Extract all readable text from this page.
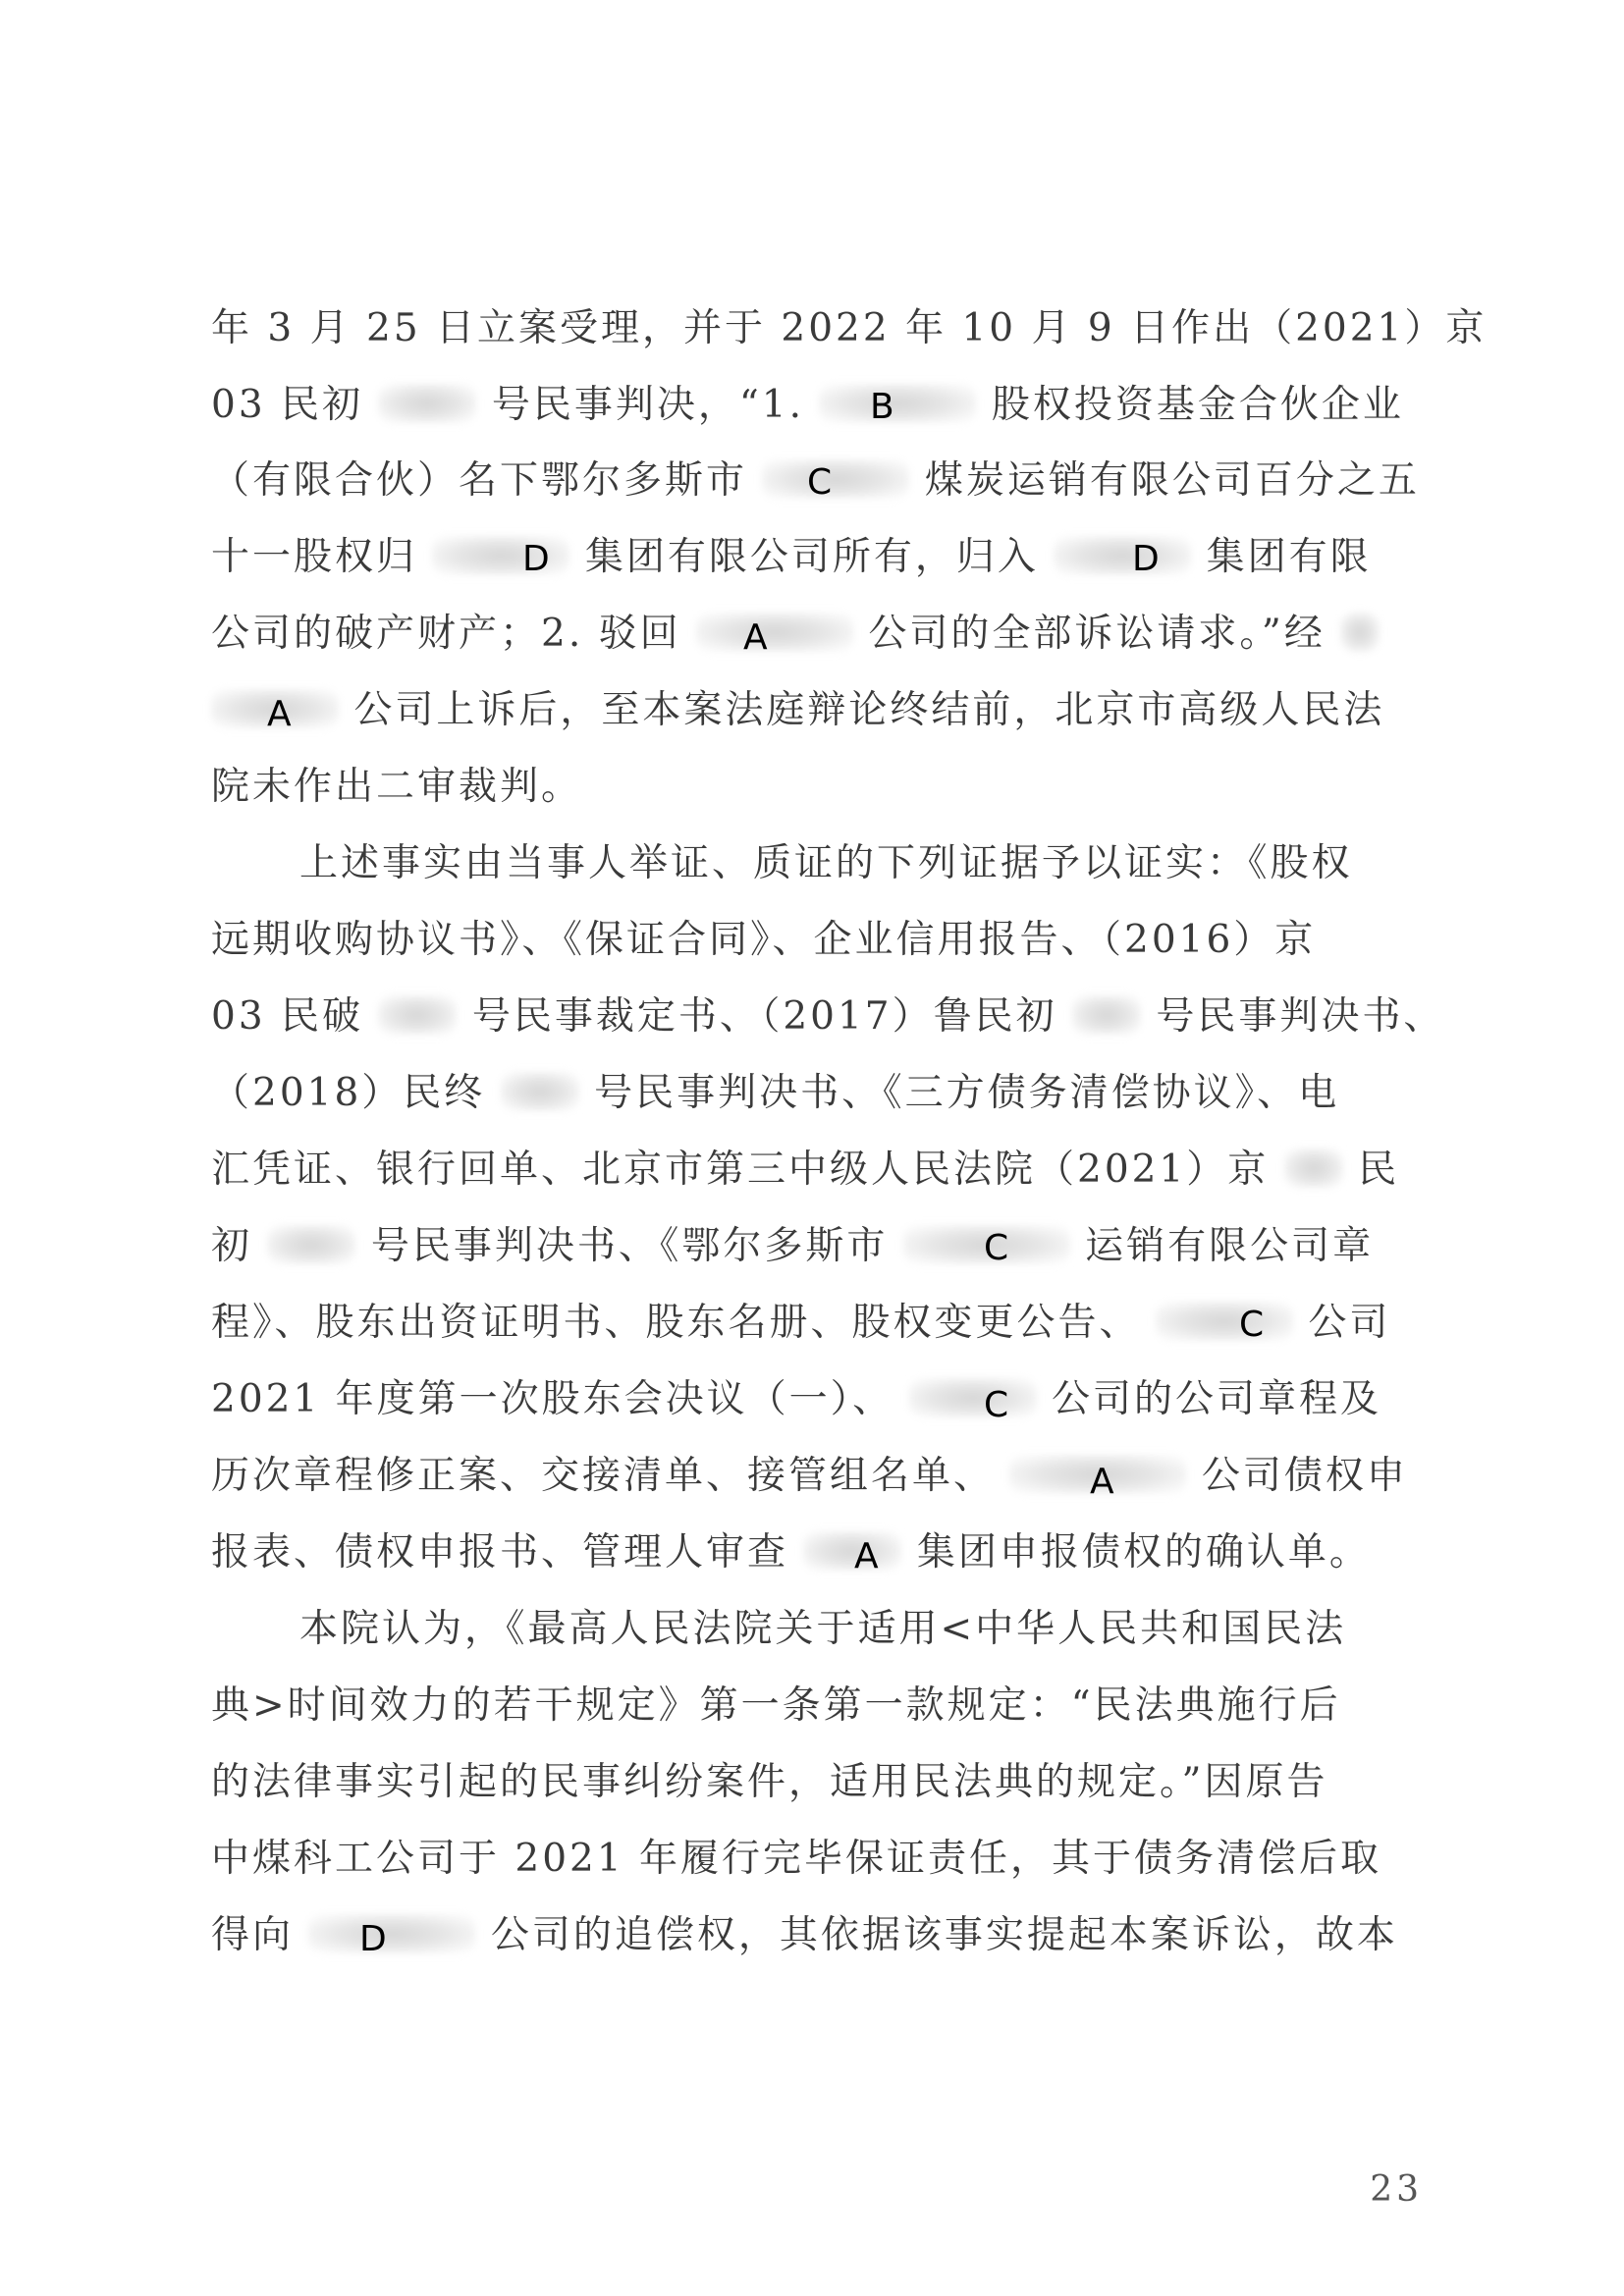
年 3 月 25 日立案受理，并于 2022 年 10 月 9 日作出（2021）京
03 民初	号民事判决，“1.	股权投资基金合伙企业
B
（有限合伙）名下鄂尔多斯市	煤炭运销有限公司百分之五
C
十一股权归	集团有限公司所有，归入	集团有限
D	D
公司的破产财产；2. 驳回	公司的全部诉讼请求。”经
A
公司上诉后，至本案法庭辩论终结前，北京市高级人民法
A
院未作出二审裁判。
上述事实由当事人举证、质证的下列证据予以证实：《股权
远期收购协议书》、《保证合同》、企业信用报告、（2016）京
03 民破	号民事裁定书、（2017）鲁民初	号民事判决书、
（2018）民终	号民事判决书、《三方债务清偿协议》、电
汇凭证、银行回单、北京市第三中级人民法院（2021）京 民
初	号民事判决书、《鄂尔多斯市	运销有限公司章
C
程》、股东出资证明书、股东名册、股权变更公告、	公司
C
2021 年度第一次股东会决议（一）、	公司的公司章程及
C
历次章程修正案、交接清单、接管组名单、	公司债权申
A
报表、债权申报书、管理人审查	集团申报债权的确认单。
A
本院认为，《最高人民法院关于适用<中华人民共和国民法
典>时间效力的若干规定》第一条第一款规定：“民法典施行后
的法律事实引起的民事纠纷案件，适用民法典的规定。”因原告
中煤科工公司于 2021 年履行完毕保证责任，其于债务清偿后取
得向	公司的追偿权，其依据该事实提起本案诉讼，故本
D
23
